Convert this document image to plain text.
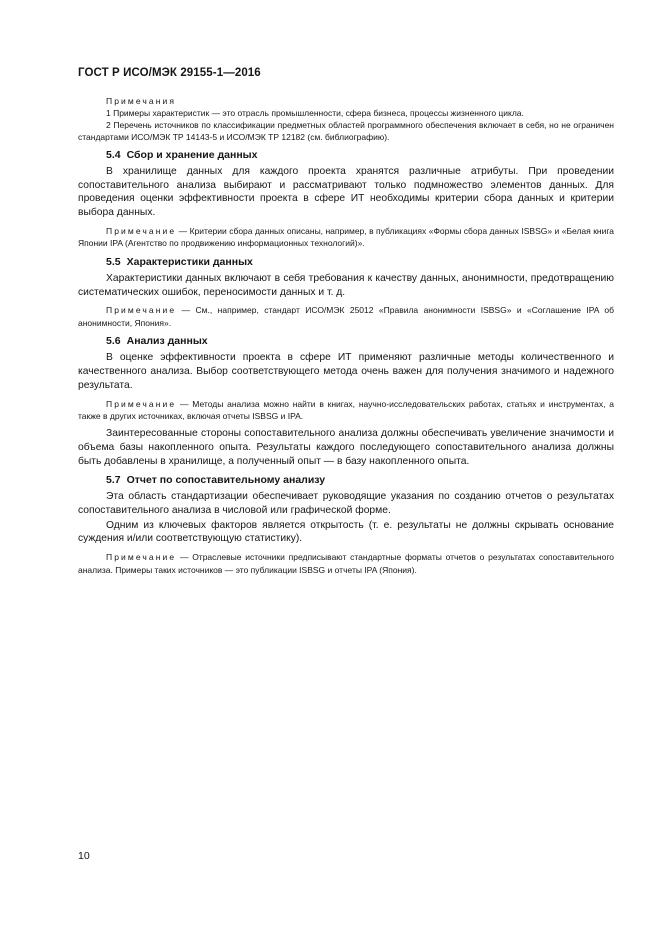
ГОСТ Р ИСО/МЭК 29155-1—2016
Примечания

1 Примеры характеристик — это отрасль промышленности, сфера бизнеса, процессы жизненного цикла.

2 Перечень источников по классификации предметных областей программного обеспечения включает в себя, но не ограничен стандартами ИСО/МЭК ТР 14143-5 и ИСО/МЭК ТР 12182 (см. библиографию).

5.4 Сбор и хранение данных

В хранилище данных для каждого проекта хранятся различные атрибуты. При проведении сопоставительного анализа выбирают и рассматривают только подмножество элементов данных. Для проведения оценки эффективности проекта в сфере ИТ необходимы критерии сбора данных и критерии выбора данных.

Примечание — Критерии сбора данных описаны, например, в публикациях «Формы сбора данных ISBSG» и «Белая книга Японии IPA (Агентство по продвижению информационных технологий)».

5.5 Характеристики данных

Характеристики данных включают в себя требования к качеству данных, анонимности, предотвращению систематических ошибок, переносимости данных и т. д.

Примечание — См., например, стандарт ИСО/МЭК 25012 «Правила анонимности ISBSG» и «Соглашение IPA об анонимности, Япония».

5.6 Анализ данных

В оценке эффективности проекта в сфере ИТ применяют различные методы количественного и качественного анализа. Выбор соответствующего метода очень важен для получения значимого и надежного результата.

Примечание — Методы анализа можно найти в книгах, научно-исследовательских работах, статьях и инструментах, а также в других источниках, включая отчеты ISBSG и IPA.

Заинтересованные стороны сопоставительного анализа должны обеспечивать увеличение значимости и объема базы накопленного опыта. Результаты каждого последующего сопоставительного анализа должны быть добавлены в хранилище, а полученный опыт — в базу накопленного опыта.

5.7 Отчет по сопоставительному анализу

Эта область стандартизации обеспечивает руководящие указания по созданию отчетов о результатах сопоставительного анализа в числовой или графической форме.

Одним из ключевых факторов является открытость (т. е. результаты не должны скрывать основание суждения и/или соответствующую статистику).

Примечание — Отраслевые источники предписывают стандартные форматы отчетов о результатах сопоставительного анализа. Примеры таких источников — это публикации ISBSG и отчеты IPA (Япония).

10
